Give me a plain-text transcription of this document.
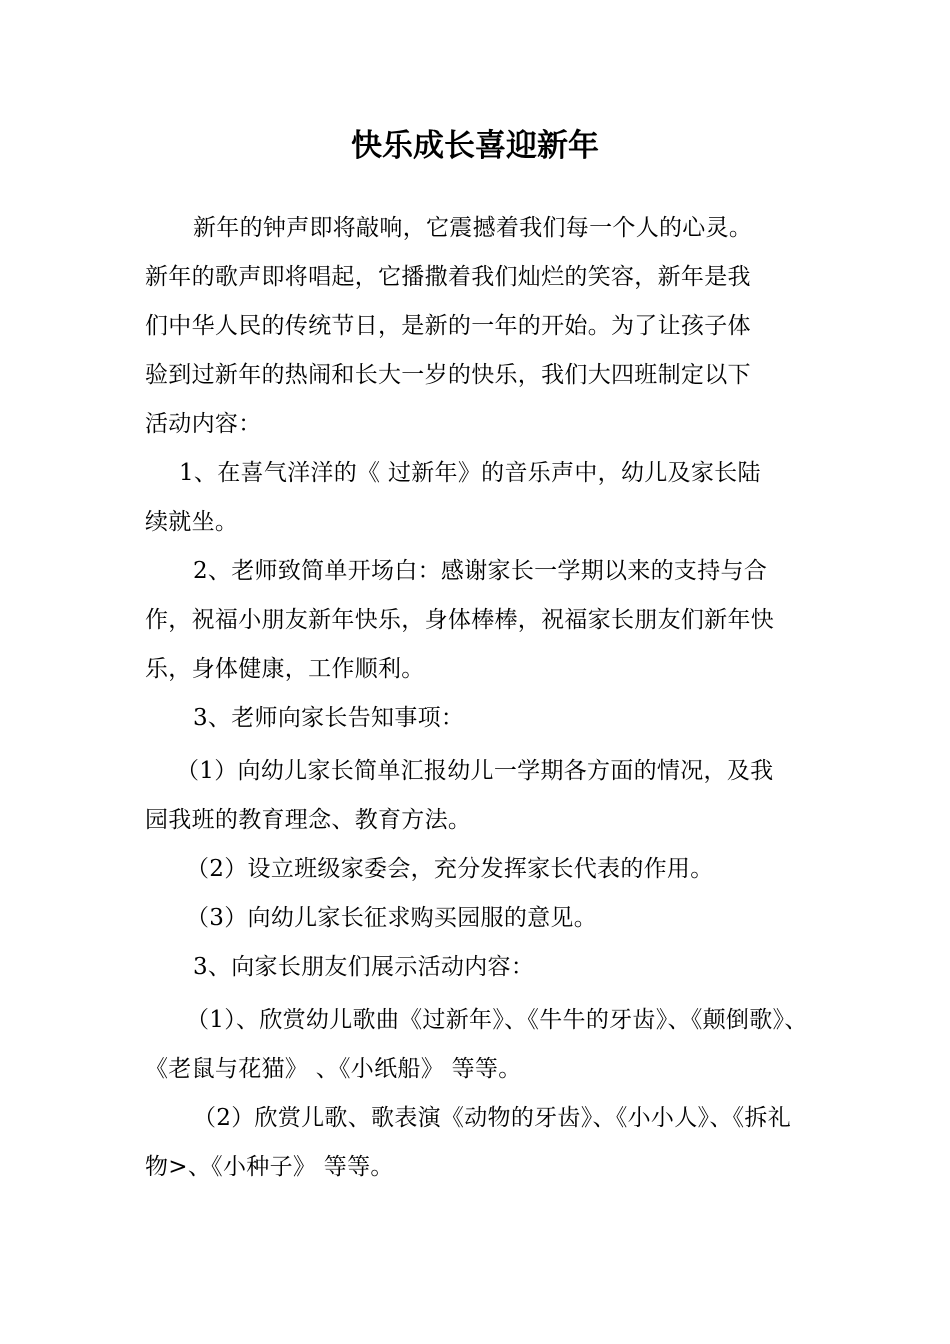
快乐成长喜迎新年
新年的钟声即将敲响，它震撼着我们每一个人的心灵。
新年的歌声即将唱起，它播撒着我们灿烂的笑容，新年是我
们中华人民的传统节日，是新的一年的开始。为了让孩子体
验到过新年的热闹和长大一岁的快乐，我们大四班制定以下
活动内容：
1、在喜气洋洋的《 过新年》的音乐声中，幼儿及家长陆
续就坐。
2、老师致简单开场白：感谢家长一学期以来的支持与合
作，祝福小朋友新年快乐，身体棒棒，祝福家长朋友们新年快
乐，身体健康，工作顺利。
3、老师向家长告知事项：
（1）向幼儿家长简单汇报幼儿一学期各方面的情况，及我
园我班的教育理念、教育方法。
（2）设立班级家委会，充分发挥家长代表的作用。
（3）向幼儿家长征求购买园服的意见。
3、向家长朋友们展示活动内容：
（1）、欣赏幼儿歌曲《过新年》、《牛牛的牙齿》、《颠倒歌》、
《老鼠与花猫》 、《小纸船》 等等。
（2）欣赏儿歌、歌表演《动物的牙齿》、《小小人》、《拆礼
物>、《小种子》 等等。
